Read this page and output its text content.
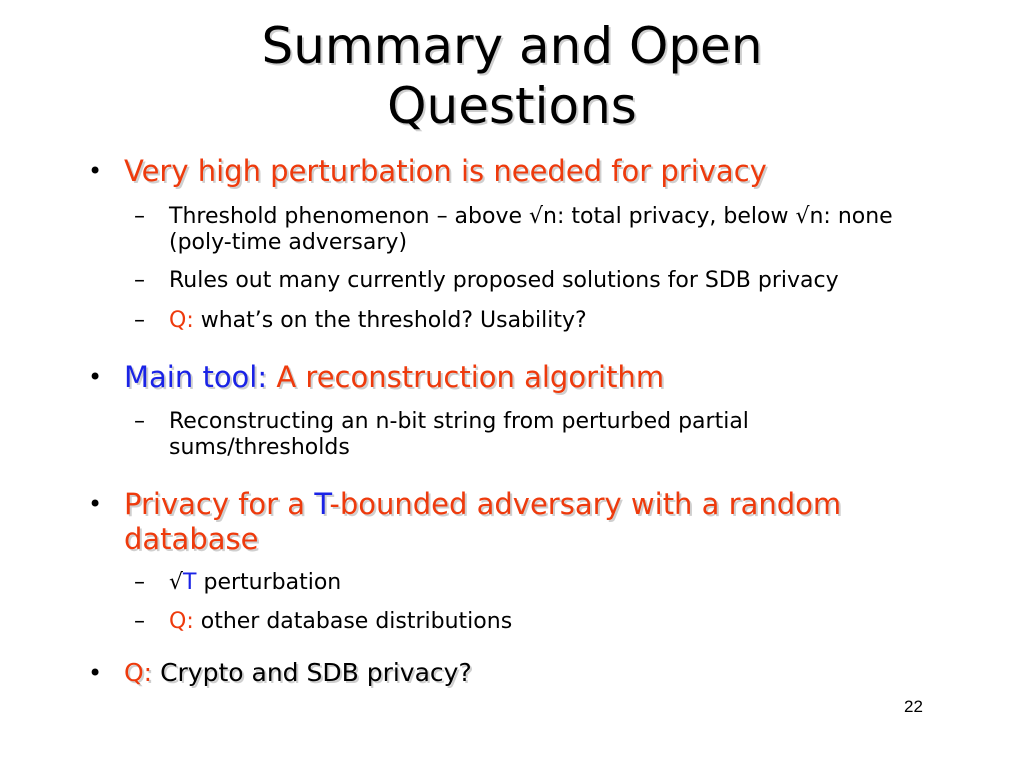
Summary and Open
Questions
• Very high perturbation is needed for privacy
– Threshold phenomenon – above √n: total privacy, below √n: none (poly-time adversary)
– Rules out many currently proposed solutions for SDB privacy
– Q: what’s on the threshold? Usability?
• Main tool: A reconstruction algorithm
– Reconstructing an n-bit string from perturbed partial sums/thresholds
• Privacy for a T-bounded adversary with a random database
– √T perturbation
– Q: other database distributions
• Q: Crypto and SDB privacy?
22
